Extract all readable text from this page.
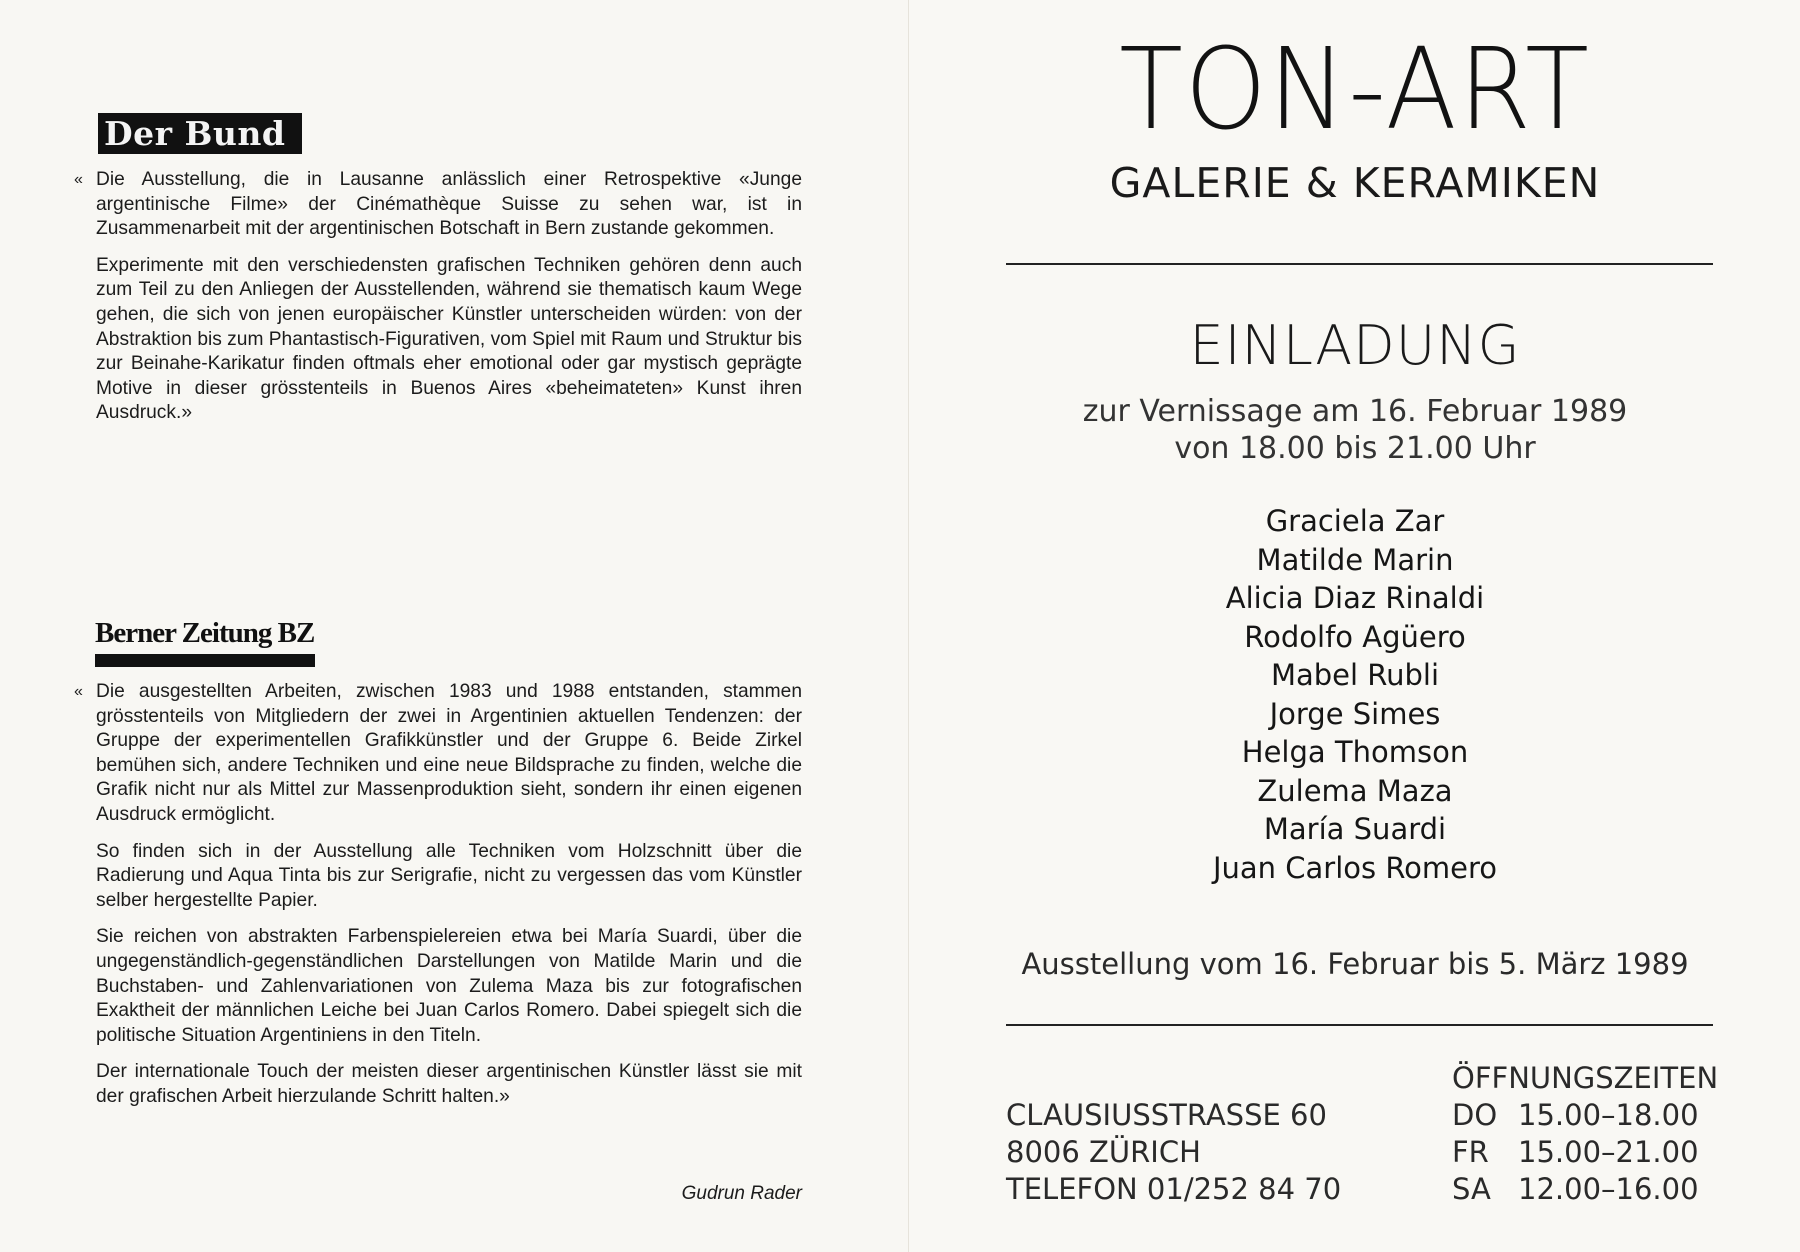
Der Bund
« Die Ausstellung, die in Lausanne anlässlich einer Retrospektive «Junge argentinische Filme» der Cinémathèque Suisse zu sehen war, ist in Zusammenarbeit mit der argentinischen Botschaft in Bern zustande gekommen.

Experimente mit den verschiedensten grafischen Techniken gehören denn auch zum Teil zu den Anliegen der Ausstellenden, während sie thematisch kaum Wege gehen, die sich von jenen europäischer Künstler unterscheiden würden: von der Abstraktion bis zum Phantastisch-Figurativen, vom Spiel mit Raum und Struktur bis zur Beinahe-Karikatur finden oftmals eher emotional oder gar mystisch geprägte Motive in dieser grösstenteils in Buenos Aires «beheimateten» Kunst ihren Ausdruck.»

Berner Zeitung BZ
« Die ausgestellten Arbeiten, zwischen 1983 und 1988 entstanden, stammen grösstenteils von Mitgliedern der zwei in Argentinien aktuellen Tendenzen: der Gruppe der experimentellen Grafikkünstler und der Gruppe 6. Beide Zirkel bemühen sich, andere Techniken und eine neue Bildsprache zu finden, welche die Grafik nicht nur als Mittel zur Massenproduktion sieht, sondern ihr einen eigenen Ausdruck ermöglicht.

So finden sich in der Ausstellung alle Techniken vom Holzschnitt über die Radierung und Aqua Tinta bis zur Serigrafie, nicht zu vergessen das vom Künstler selber hergestellte Papier.

Sie reichen von abstrakten Farbenspielereien etwa bei María Suardi, über die ungegenständlich-gegenständlichen Darstellungen von Matilde Marin und die Buchstaben- und Zahlenvariationen von Zulema Maza bis zur fotografischen Exaktheit der männlichen Leiche bei Juan Carlos Romero. Dabei spiegelt sich die politische Situation Argentiniens in den Titeln.

Der internationale Touch der meisten dieser argentinischen Künstler lässt sie mit der grafischen Arbeit hierzulande Schritt halten.»

Gudrun Rader
TON-ART
GALERIE & KERAMIKEN
EINLADUNG
zur Vernissage am 16. Februar 1989
von 18.00 bis 21.00 Uhr
Graciela Zar
Matilde Marin
Alicia Diaz Rinaldi
Rodolfo Agüero
Mabel Rubli
Jorge Simes
Helga Thomson
Zulema Maza
María Suardi
Juan Carlos Romero
Ausstellung vom 16. Februar bis 5. März 1989
CLAUSIUSSTRASSE 60
8006 ZÜRICH
TELEFON 01/252 84 70
ÖFFNUNGSZEITEN
DO 15.00–18.00
FR	15.00–21.00
SA 12.00–16.00
